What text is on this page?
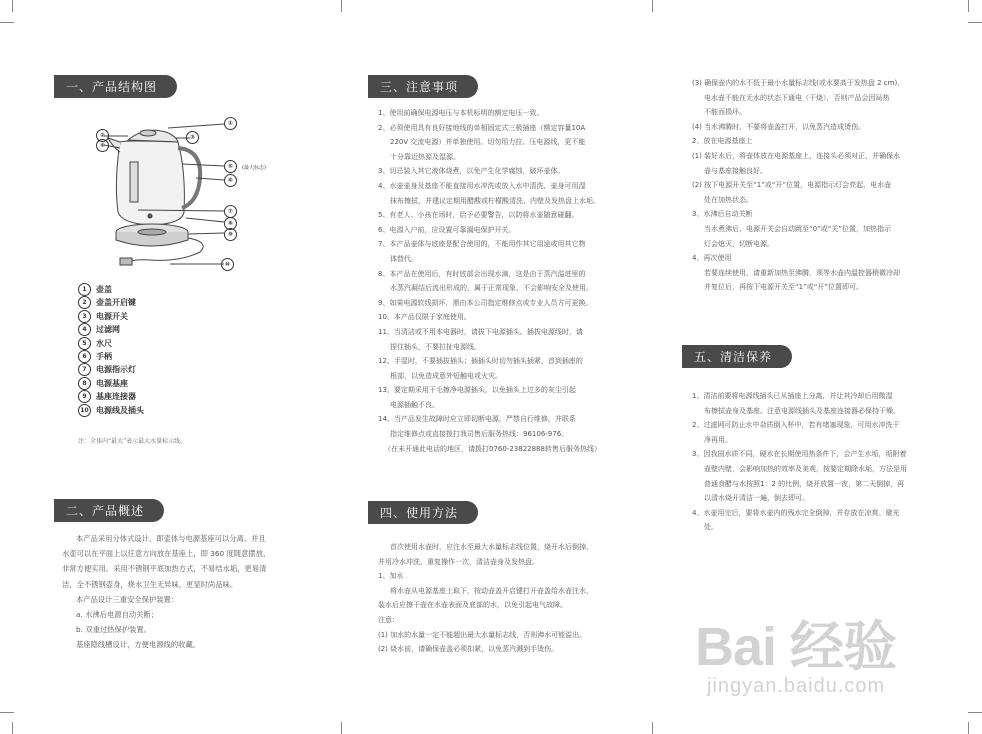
一、产品结构图
①
②	③
④
⑤ (最大标志)
⑥
⑦
⑧
⑨
⑩
1 壶盖
2 壶盖开启键
3 电源开关
4 过滤网
5 水尺
6 手柄
7 电源指示灯
8 电源基座
9 基座连接器
10 电源线及插头
注：全体内“最大”表示最大水量标示线。
二、产品概述
本产品采用分体式设计，即壶体与电源基座可以分离，并且
水壶可以在平面上以任意方向放在基座上，即 360 度随意摆放，
非常方便实用。采用不锈钢平底加热方式，不易结水垢，更易清
洁，全不锈钢壶身，烧水卫生无异味，更显时尚品味。
本产品设计三重安全保护装置：
a. 水沸后电源自动关断；
b. 双重过热保护装置。
基座隐线槽设计，方便电源线的收藏。
三、注意事项
1、使用前确保电源电压与本机标明的额定电压一致。
2、必须使用具有良好接地线的单相固定式三极插座（额定容量10A
220V 交流电源）并单独使用。切勿用力拉、压电源线，更不能
十分靠近热源及湿源。
3、切忌装入其它液体烧煮，以免产生化学腐蚀，破坏壶体。
4、水壶壶身及基座不能直接用水冲洗或放入水中清洗，壶身可用湿
抹布擦拭，并建议定期用醋酸或柠檬酸清洗、内壁及发热盘上水垢。
5、有老人、小孩在场时，给予必要警告，以防将水壶随意碰翻。
6、电源入户前，应设置可靠漏电保护开关。
7、本产品壶体与底座是配合使用的，不能用作其它用途或用其它物
体替代。
8、本产品在使用后，有时底部会出现水滴，这是由于蒸汽溢进里的
水蒸汽凝结后流出形成的，属于正常现象，不会影响安全及使用。
9、如果电源软线损坏，需由本公司指定维修点或专业人员方可更换。
10、本产品仅限于家庭使用。
11、当清洁或不用本电器时，请拔下电源插头。插拔电源线时，请
捏住插头，不要拉扯电源线。
12、手湿时，不要插拔插头；插插头时切勿插头插紧，首到插座的
根部，以免造成意外短触电或火灾。
13、要定期采用干毛擦净电源插头，以免插头上过多的灰尘引起
电源插触不良。
14、当产品发生故障时应立即切断电源，严禁自行维修，并联系
指定维修点或直接拨打我司售后服务热线：96106-976。
（在未开通此电话的地区，请拨打0760-23822888转售后服务热线）
四、使用方法
首次使用水壶时，应注水至最大水量标志线位置，烧开水后倒掉，
并用冷水冲洗，重复操作一次，清洁壶身及发热盘。
1、加水
将水壶从电源基座上取下，按动壶盖开启键打开壶盖给水壶注水，
装水后应擦干壶在水壶表面及底部的水，以免引起电气故障。
注意：
(1) 加水的水量一定不能超出最大水量标志线，否则沸水可能溢出。
(2) 烧水前，请确保壶盖必须扣紧，以免蒸汽溅到手烫伤。
(3) 确保壶内的水不低于最小水量标志线(或水要高于发热盘 2 cm)，
电水壶不能在无水的状态下通电（干烧），否则产品会因局热
不能而损坏。
(4) 当水沸腾时，不要将壶盖打开，以免蒸汽造成烫伤。
2、放在电源基座上
(1) 装好水后，将壶体放在电源基座上，连接头必须对正，并确保水
壶与基座接触良好。
(2) 按下电源开关至“1”或“开”位置，电源指示灯会亮起，电水壶
处在加热状态。
3、水沸后自动关断
当水煮沸后，电源开关会自动跳至“0”或“关”位置，加热指示
灯会熄灭，切断电源。
4、再次使用
若要连续使用，请重新加热至沸腾，须等水壶内温控器稍微冷却
并复位后，再按下电源开关至“1”或“开”位置即可。
五、清洁保养
1、清洁前要将电源线插头已从插座上分离，并让其冷却后用微湿
布擦拭壶身及基座。注意电源线插头及基座连接器必保持干燥。
2、过滤网可防止水中杂质倒入杯中，若有堵塞现象，可用水冲洗干
净再用。
3、因我国水质不同，硬水在长期使用热条件下，会产生水垢，垢附着
壶壁内壁，会影响加热的效率及美观，按要定期除水垢，方法是用
普通食醋与水按照1：2 的比例，烧开放置一夜，第二天倒掉，再
以清水烧开清洁一遍，倒去即可。
4、水壶用完后，要将水壶内的残水完全倒掉，并存放在凉爽、避光
处。
Bai 经验
jingyan.baidu.com
